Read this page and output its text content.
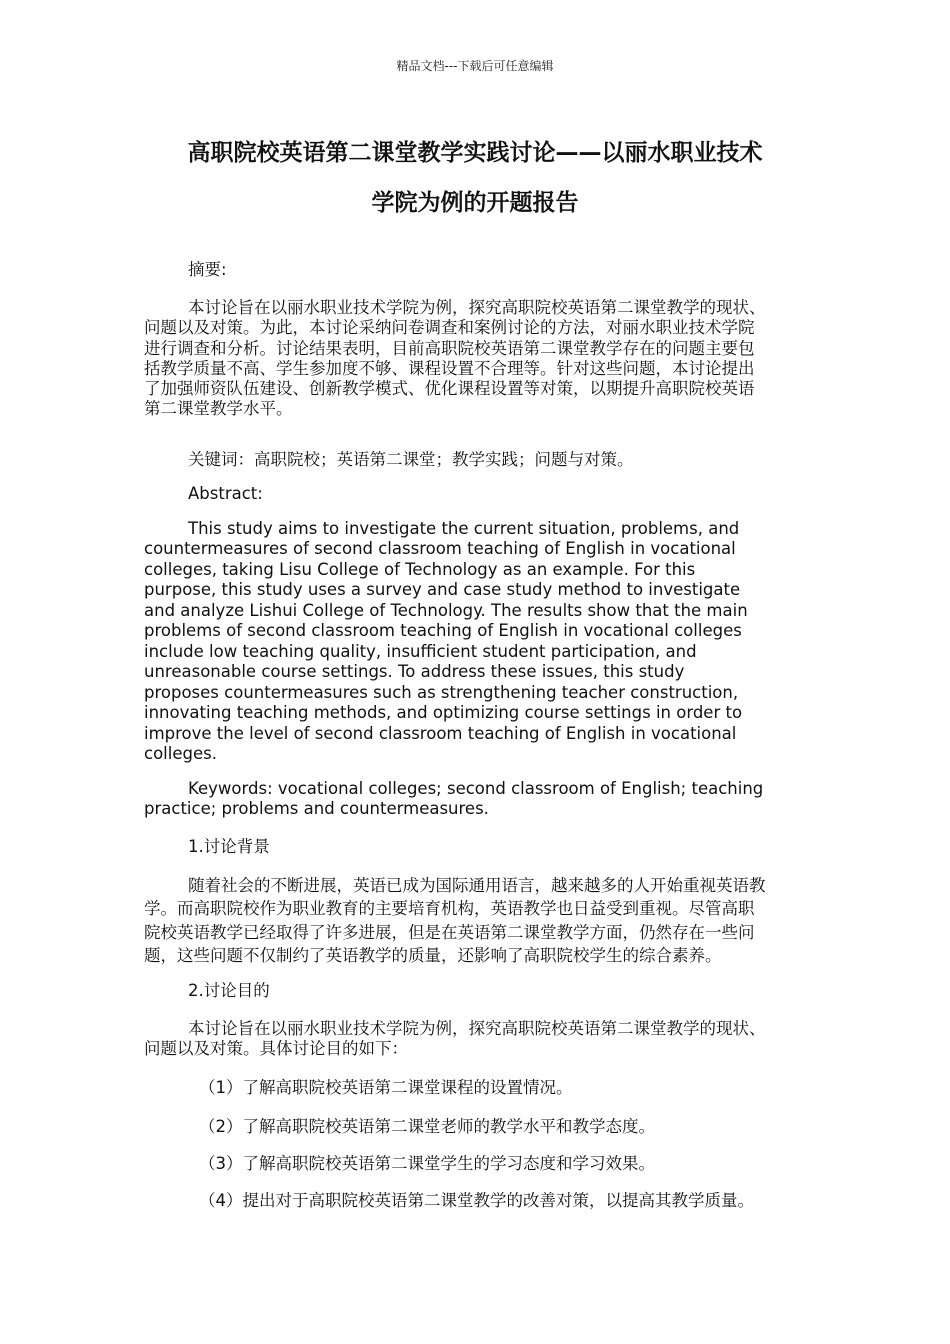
精品文档---下载后可任意编辑
高职院校英语第二课堂教学实践讨论——以丽水职业技术
学院为例的开题报告
摘要:
本讨论旨在以丽水职业技术学院为例，探究高职院校英语第二课堂教学的现状、
问题以及对策。为此，本讨论采纳问卷调查和案例讨论的方法，对丽水职业技术学院
进行调查和分析。讨论结果表明，目前高职院校英语第二课堂教学存在的问题主要包
括教学质量不高、学生参加度不够、课程设置不合理等。针对这些问题，本讨论提出
了加强师资队伍建设、创新教学模式、优化课程设置等对策，以期提升高职院校英语
第二课堂教学水平。
关键词：高职院校；英语第二课堂；教学实践；问题与对策。
Abstract:
This study aims to investigate the current situation, problems, and
countermeasures of second classroom teaching of English in vocational
colleges, taking Lisu College of Technology as an example. For this
purpose, this study uses a survey and case study method to investigate
and analyze Lishui College of Technology. The results show that the main
problems of second classroom teaching of English in vocational colleges
include low teaching quality, insufficient student participation, and
unreasonable course settings. To address these issues, this study
proposes countermeasures such as strengthening teacher construction,
innovating teaching methods, and optimizing course settings in order to
improve the level of second classroom teaching of English in vocational
colleges.
Keywords: vocational colleges; second classroom of English; teaching
practice; problems and countermeasures.
1.讨论背景
随着社会的不断进展，英语已成为国际通用语言，越来越多的人开始重视英语教
学。而高职院校作为职业教育的主要培育机构，英语教学也日益受到重视。尽管高职
院校英语教学已经取得了许多进展，但是在英语第二课堂教学方面，仍然存在一些问
题，这些问题不仅制约了英语教学的质量，还影响了高职院校学生的综合素养。
2.讨论目的
本讨论旨在以丽水职业技术学院为例，探究高职院校英语第二课堂教学的现状、
问题以及对策。具体讨论目的如下：
（1）了解高职院校英语第二课堂课程的设置情况。
（2）了解高职院校英语第二课堂老师的教学水平和教学态度。
（3）了解高职院校英语第二课堂学生的学习态度和学习效果。
（4）提出对于高职院校英语第二课堂教学的改善对策，以提高其教学质量。
